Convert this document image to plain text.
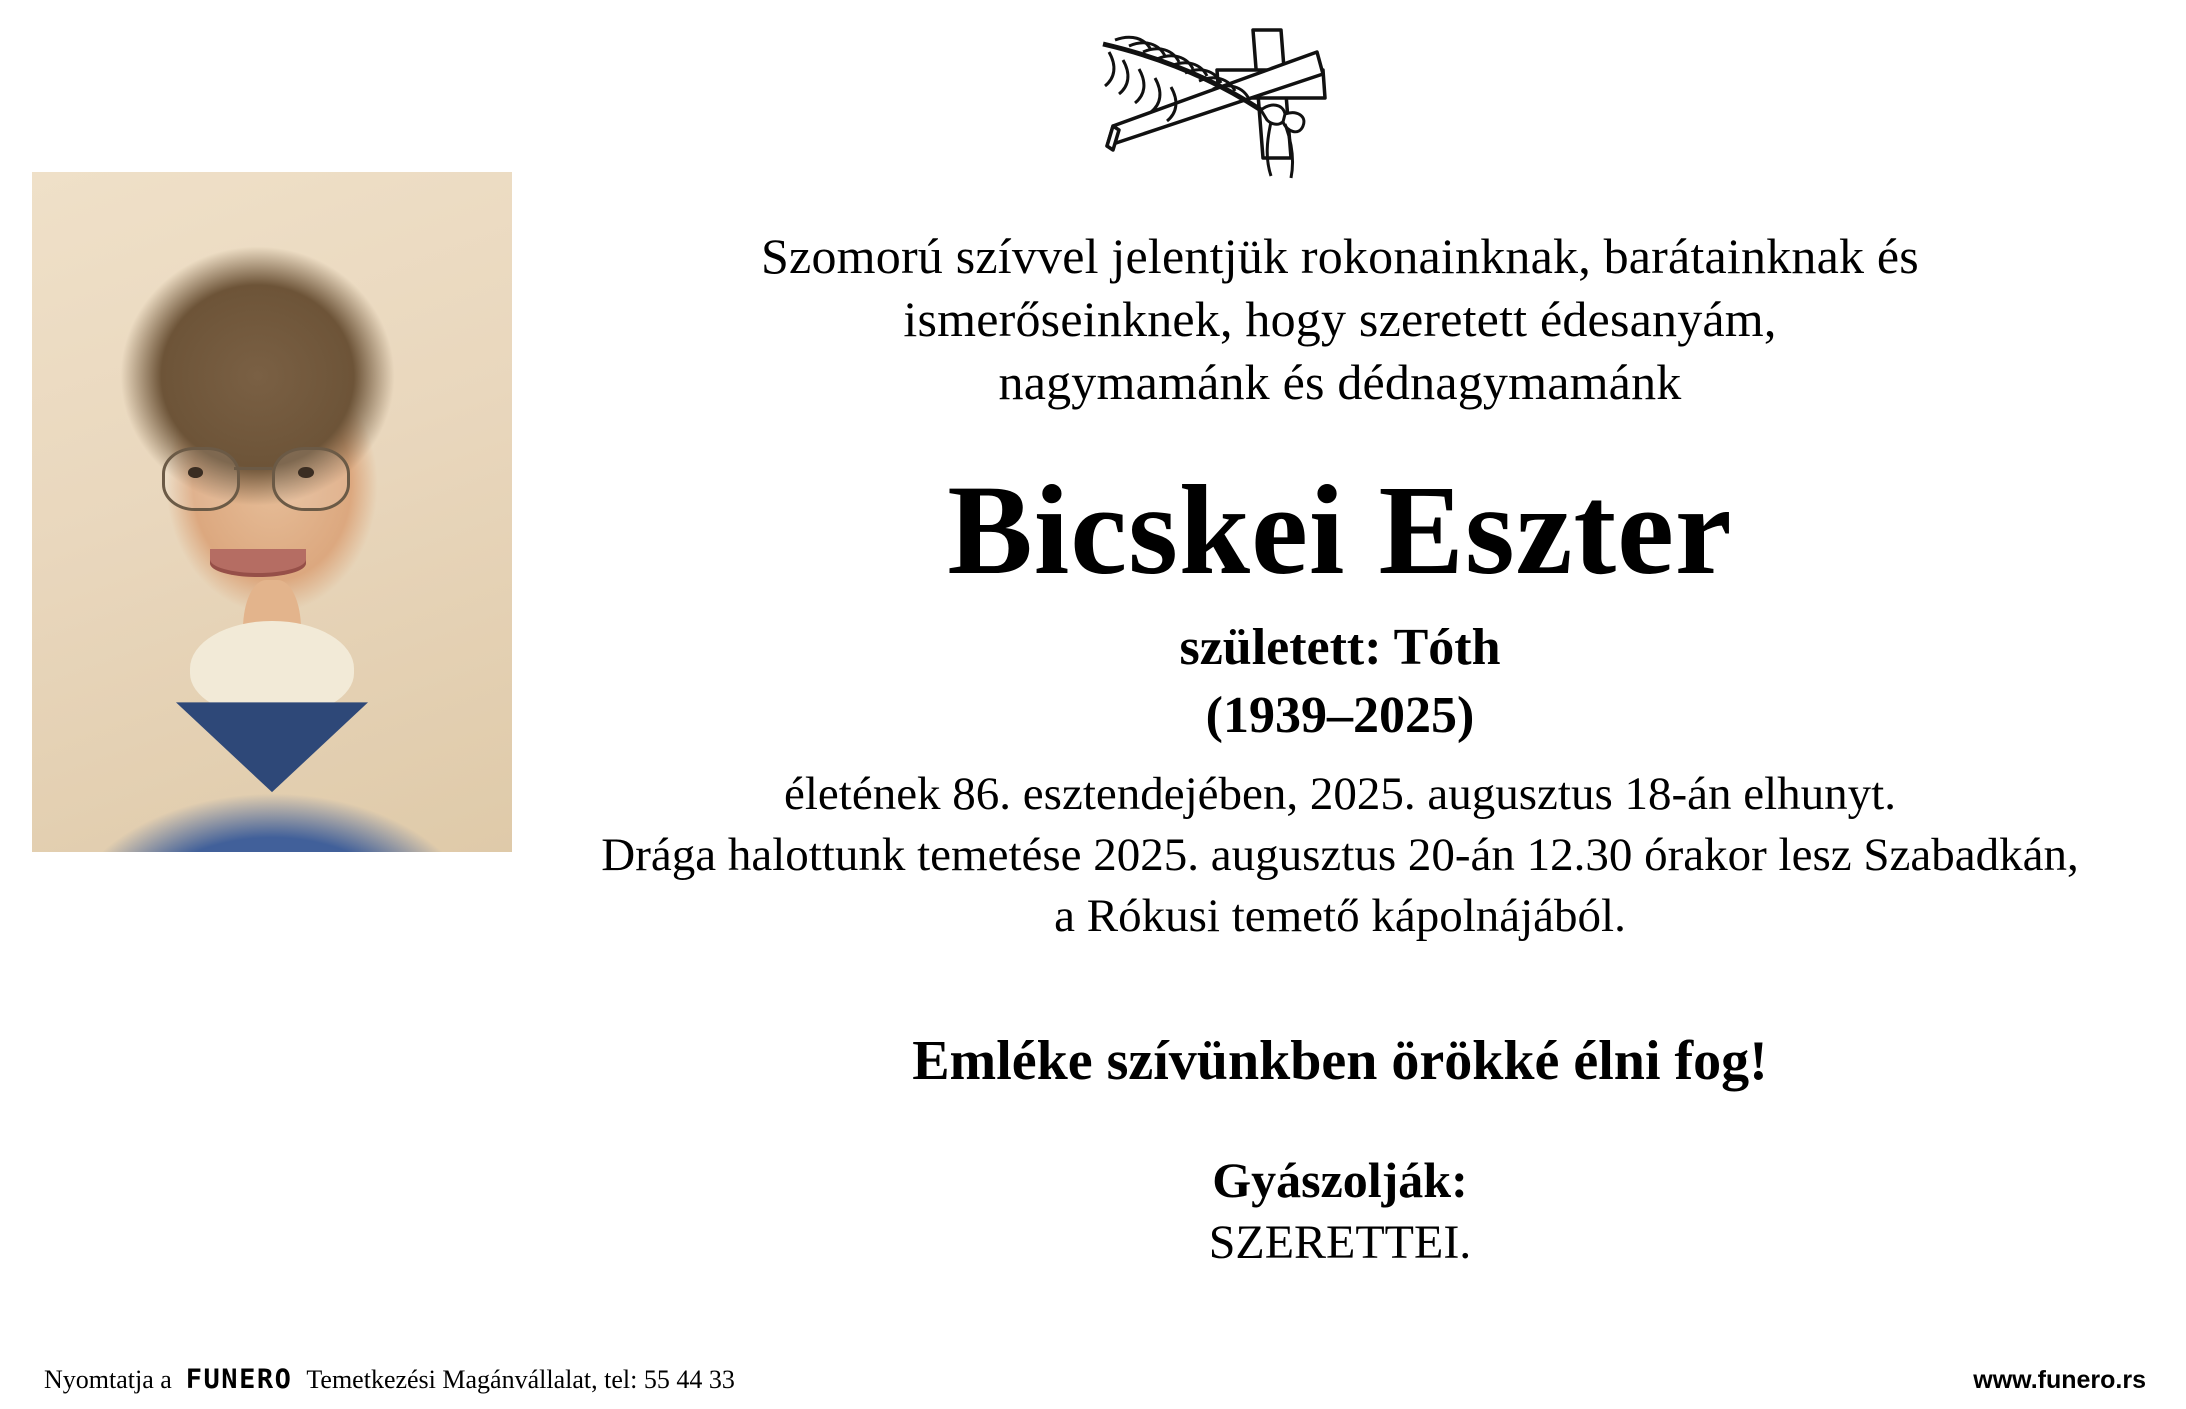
Szomorú szívvel jelentjük rokonainknak, barátainknak és
ismerőseinknek, hogy szeretett édesanyám,
nagymamánk és dédnagymamánk
Bicskei Eszter
született: Tóth
(1939–2025)
életének 86. esztendejében, 2025. augusztus 18-án elhunyt.
Drága halottunk temetése 2025. augusztus 20-án 12.30 órakor lesz Szabadkán,
a Rókusi temető kápolnájából.
Emléke szívünkben örökké élni fog!
Gyászolják:
SZERETTEI.
Nyomtatja a FUNERO Temetkezési Magánvállalat, tel: 55 44 33	www.funero.rs
